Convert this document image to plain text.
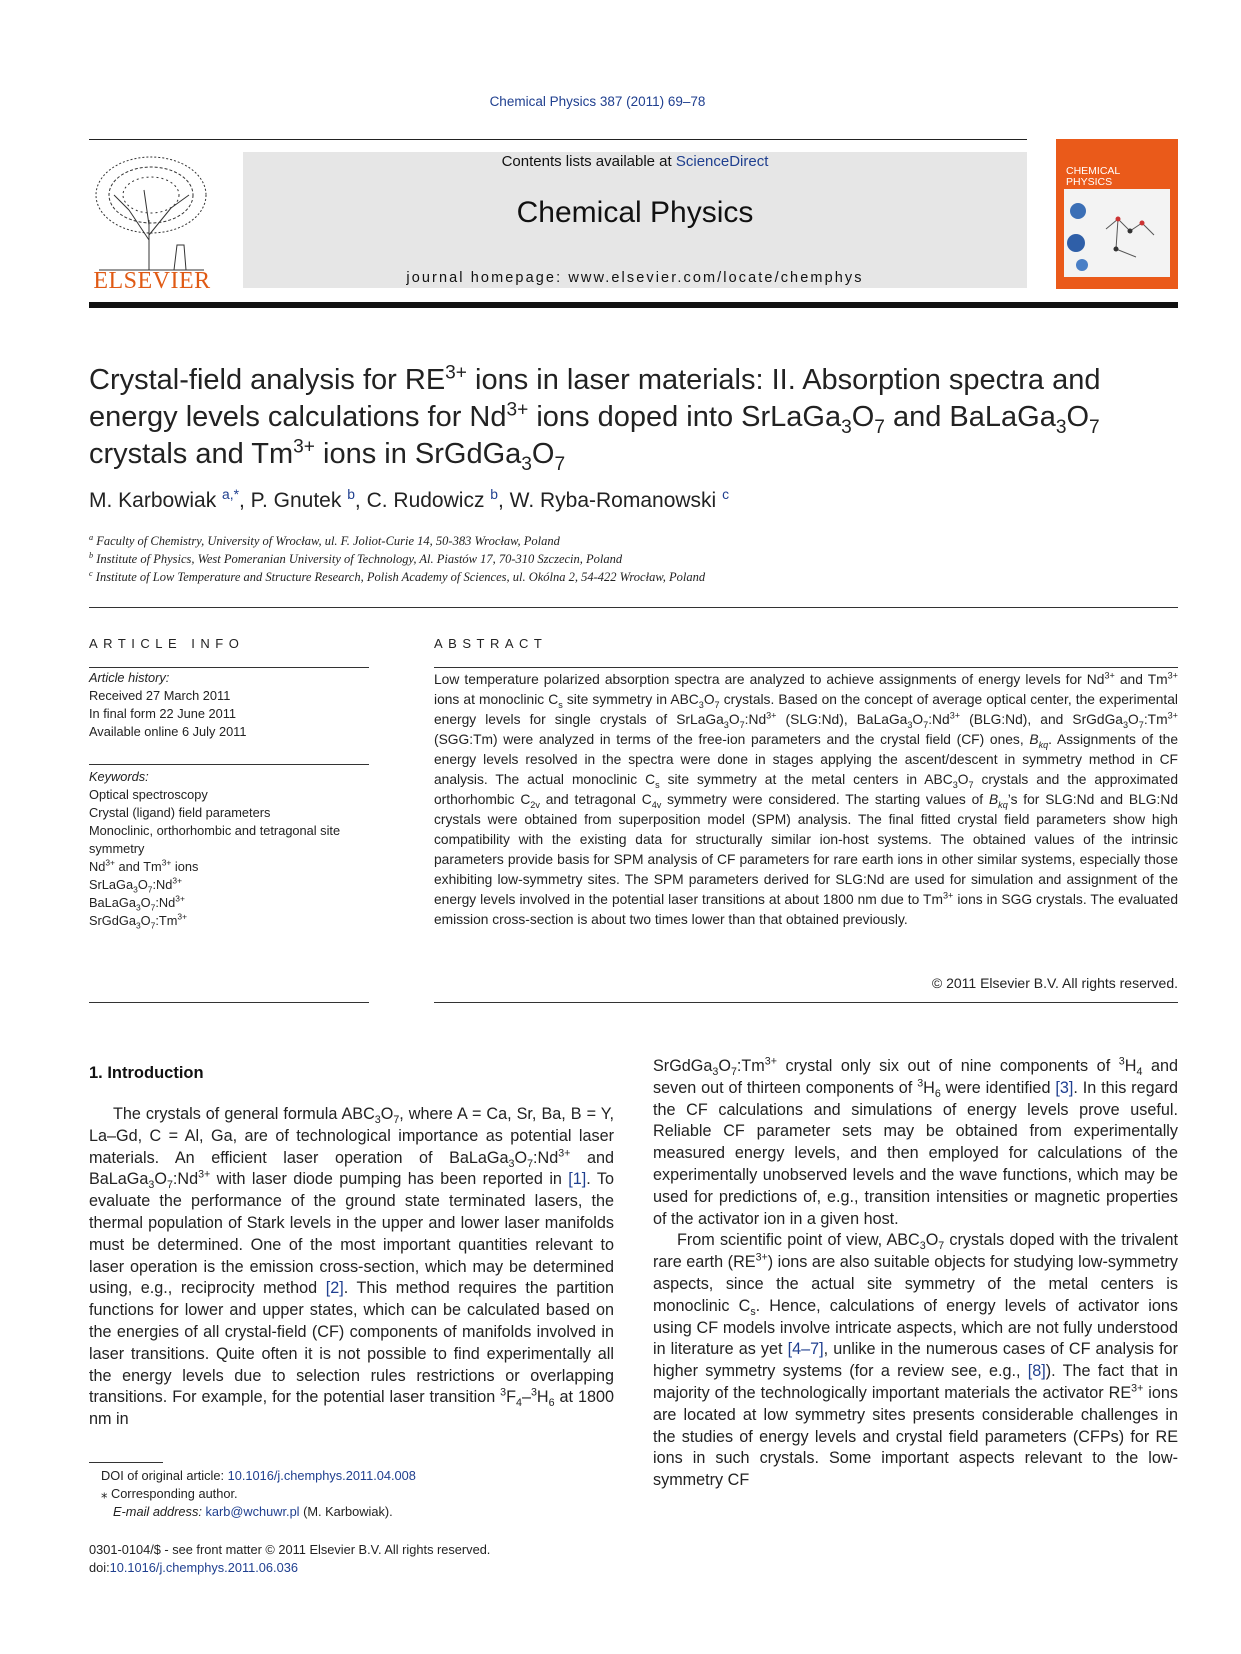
Chemical Physics 387 (2011) 69–78
ELSEVIER
Contents lists available at ScienceDirect
Chemical Physics
journal homepage: www.elsevier.com/locate/chemphys
CHEMICAL PHYSICS
Crystal-field analysis for $RE^{3+}$ ions in laser materials: II. Absorption spectra and energy levels calculations for $Nd^{3+}$ ions doped into $SrLaGa_3O_7$ and $BaLaGa_3O_7$ crystals and $Tm^{3+}$ ions in $SrGdGa_3O_7$
M. Karbowiak $^{a,*}$, P. Gnutek $^b$, C. Rudowicz $^b$, W. Ryba-Romanowski $^c$
$^a$ Faculty of Chemistry, University of Wrocław, ul. F. Joliot-Curie 14, 50-383 Wrocław, Poland
$^b$ Institute of Physics, West Pomeranian University of Technology, Al. Piastów 17, 70-310 Szczecin, Poland
$^c$ Institute of Low Temperature and Structure Research, Polish Academy of Sciences, ul. Okólna 2, 54-422 Wrocław, Poland
ARTICLE INFO
Article history:
Received 27 March 2011
In final form 22 June 2011
Available online 6 July 2011
Keywords:
Optical spectroscopy
Crystal (ligand) field parameters
Monoclinic, orthorhombic and tetragonal site symmetry
$Nd^{3+}$ and $Tm^{3+}$ ions
$SrLaGa_3O_7:Nd^{3+}$
$BaLaGa_3O_7:Nd^{3+}$
$SrGdGa_3O_7:Tm^{3+}$
ABSTRACT
Low temperature polarized absorption spectra are analyzed to achieve assignments of energy levels for $Nd^{3+}$ and $Tm^{3+}$ ions at monoclinic $C_s$ site symmetry in $ABC_3O_7$ crystals. Based on the concept of average optical center, the experimental energy levels for single crystals of $SrLaGa_3O_7:Nd^{3+}$ (SLG:Nd), $BaLaGa_3O_7:Nd^{3+}$ (BLG:Nd), and $SrGdGa_3O_7:Tm^{3+}$ (SGG:Tm) were analyzed in terms of the free-ion parameters and the crystal field (CF) ones, $B_{kq}$. Assignments of the energy levels resolved in the spectra were done in stages applying the ascent/descent in symmetry method in CF analysis. The actual monoclinic $C_s$ site symmetry at the metal centers in $ABC_3O_7$ crystals and the approximated orthorhombic $C_{2v}$ and tetragonal $C_{4v}$ symmetry were considered. The starting values of $B_{kq}’s$ for SLG:Nd and BLG:Nd crystals were obtained from superposition model (SPM) analysis. The final fitted crystal field parameters show high compatibility with the existing data for structurally similar ion-host systems. The obtained values of the intrinsic parameters provide basis for SPM analysis of CF parameters for rare earth ions in other similar systems, especially those exhibiting low-symmetry sites. The SPM parameters derived for SLG:Nd are used for simulation and assignment of the energy levels involved in the potential laser transitions at about 1800 nm due to $Tm^{3+}$ ions in SGG crystals. The evaluated emission cross-section is about two times lower than that obtained previously.
© 2011 Elsevier B.V. All rights reserved.
1. Introduction

The crystals of general formula $ABC_3O_7$, where A = Ca, Sr, Ba, B = Y, La–Gd, C = Al, Ga, are of technological importance as potential laser materials. An efficient laser operation of $BaLaGa_3O_7:Nd^{3+}$ and $BaLaGa_3O_7:Nd^{3+}$ with laser diode pumping has been reported in [1]. To evaluate the performance of the ground state terminated lasers, the thermal population of Stark levels in the upper and lower laser manifolds must be determined. One of the most important quantities relevant to laser operation is the emission cross-section, which may be determined using, e.g., reciprocity method [2]. This method requires the partition functions for lower and upper states, which can be calculated based on the energies of all crystal-field (CF) components of manifolds involved in laser transitions. Quite often it is not possible to find experimentally all the energy levels due to selection rules restrictions or overlapping transitions. For example, for the potential laser transition $^3F_4-^3H_6$ at 1800 nm in

$SrGdGa_3O_7:Tm^{3+}$ crystal only six out of nine components of $^3H_4$ and seven out of thirteen components of $^3H_6$ were identified [3]. In this regard the CF calculations and simulations of energy levels prove useful. Reliable CF parameter sets may be obtained from experimentally measured energy levels, and then employed for calculations of the experimentally unobserved levels and the wave functions, which may be used for predictions of, e.g., transition intensities or magnetic properties of the activator ion in a given host.

From scientific point of view, $ABC_3O_7$ crystals doped with the trivalent rare earth $(RE^{3+})$ ions are also suitable objects for studying low-symmetry aspects, since the actual site symmetry of the metal centers is monoclinic $C_s$. Hence, calculations of energy levels of activator ions using CF models involve intricate aspects, which are not fully understood in literature as yet [4–7], unlike in the numerous cases of CF analysis for higher symmetry systems (for a review see, e.g., [8]). The fact that in majority of the technologically important materials the activator $RE^{3+}$ ions are located at low symmetry sites presents considerable challenges in the studies of energy levels and crystal field parameters (CFPs) for RE ions in such crystals. Some important aspects relevant to the low-symmetry CF

DOI of original article: 10.1016/j.chemphys.2011.04.008
⁎ Corresponding author.
E-mail address: karb@wchuwr.pl (M. Karbowiak).
0301-0104/$ - see front matter © 2011 Elsevier B.V. All rights reserved.
doi:10.1016/j.chemphys.2011.06.036
